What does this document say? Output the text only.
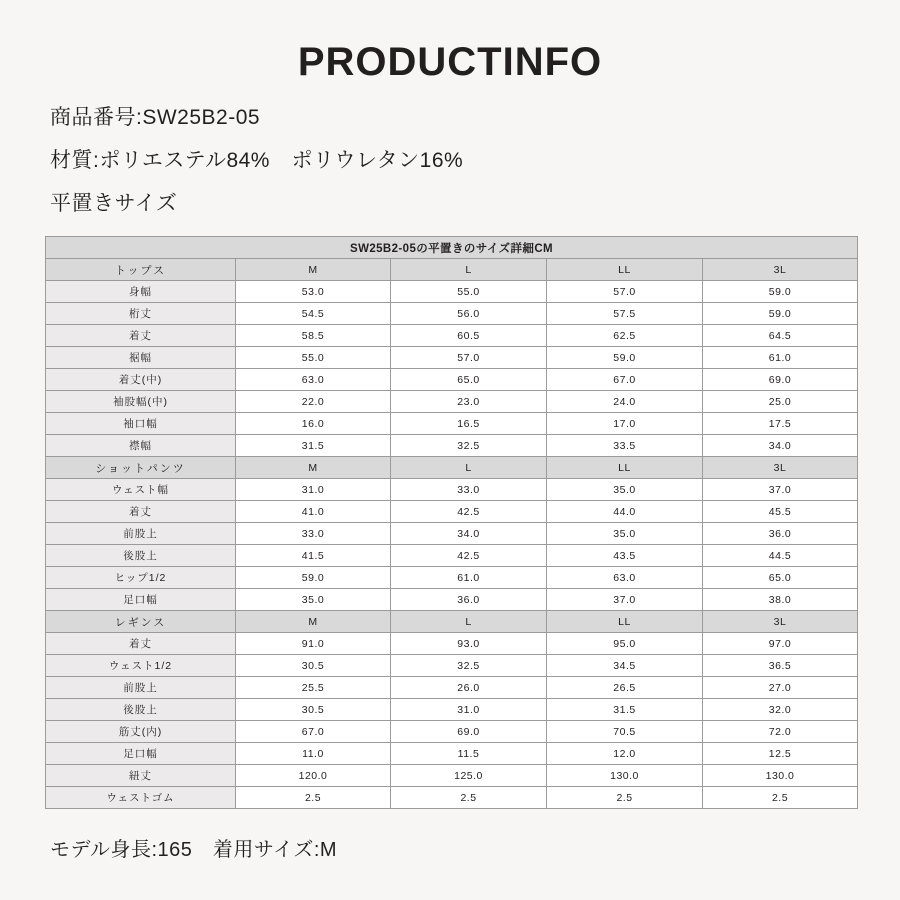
PRODUCTINFO
商品番号:SW25B2-05
材質:ポリエステル84%　ポリウレタン16%
平置きサイズ
SW25B2-05の平置きのサイズ詳細CM				
トップス	M	L	LL	3L
身幅	53.0	55.0	57.0	59.0
桁丈	54.5	56.0	57.5	59.0
着丈	58.5	60.5	62.5	64.5
裾幅	55.0	57.0	59.0	61.0
着丈(中)	63.0	65.0	67.0	69.0
袖股幅(中)	22.0	23.0	24.0	25.0
袖口幅	16.0	16.5	17.0	17.5
襟幅	31.5	32.5	33.5	34.0
ショットパンツ	M	L	LL	3L
ウェスト幅	31.0	33.0	35.0	37.0
着丈	41.0	42.5	44.0	45.5
前股上	33.0	34.0	35.0	36.0
後股上	41.5	42.5	43.5	44.5
ヒップ1/2	59.0	61.0	63.0	65.0
足口幅	35.0	36.0	37.0	38.0
レギンス	M	L	LL	3L
着丈	91.0	93.0	95.0	97.0
ウェスト1/2	30.5	32.5	34.5	36.5
前股上	25.5	26.0	26.5	27.0
後股上	30.5	31.0	31.5	32.0
筋丈(内)	67.0	69.0	70.5	72.0
足口幅	11.0	11.5	12.0	12.5
紐丈	120.0	125.0	130.0	130.0
ウェストゴム	2.5	2.5	2.5	2.5
モデル身長:165　着用サイズ:M
